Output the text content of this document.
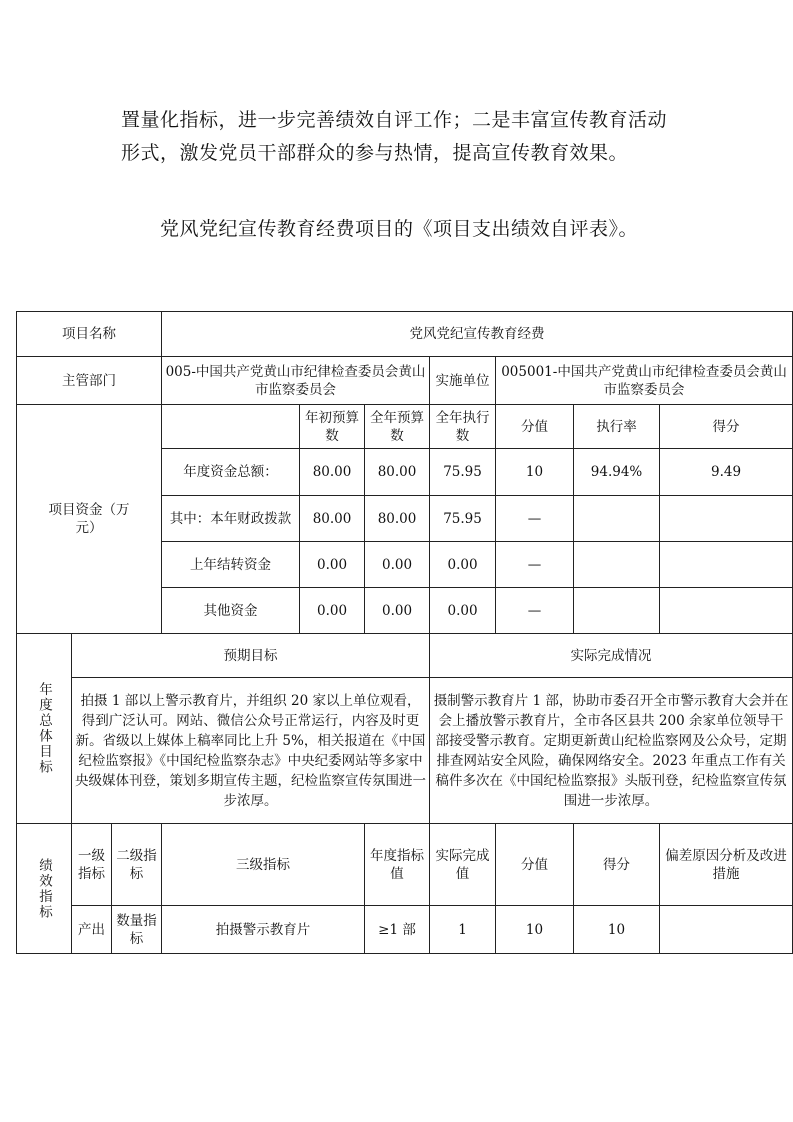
置量化指标，进一步完善绩效自评工作；二是丰富宣传教育活动形式，激发党员干部群众的参与热情，提高宣传教育效果。

党风党纪宣传教育经费项目的《项目支出绩效自评表》。

项目名称			党风党纪宣传教育经费						
主管部门			005-中国共产党黄山市纪律检查委员会黄山市监察委员会			实施单位	005001-中国共产党黄山市纪律检查委员会黄山市监察委员会		
项目资金（万元）				年初预算数	全年预算数	全年执行数	分值	执行率	得分
			年度资金总额：	80.00	80.00	75.95	10	94.94%	9.49
			其中：本年财政拨款	80.00	80.00	75.95	—		
			上年结转资金	0.00	0.00	0.00	—		
			其他资金	0.00	0.00	0.00	—		
年度总体目标	预期目标					实际完成情况			
	拍摄 1 部以上警示教育片，并组织 20 家以上单位观看，得到广泛认可。网站、微信公众号正常运行，内容及时更新。省级以上媒体上稿率同比上升 5%，相关报道在《中国纪检监察报》《中国纪检监察杂志》中央纪委网站等多家中央级媒体刊登，策划多期宣传主题，纪检监察宣传氛围进一步浓厚。					摄制警示教育片 1 部，协助市委召开全市警示教育大会并在会上播放警示教育片，全市各区县共 200 余家单位领导干部接受警示教育。定期更新黄山纪检监察网及公众号，定期排查网站安全风险，确保网络安全。2023 年重点工作有关稿件多次在《中国纪检监察报》头版刊登，纪检监察宣传氛围进一步浓厚。			
绩效指标	一级指标	二级指标	三级指标		年度指标值	实际完成值	分值	得分	偏差原因分析及改进措施
	产出	数量指标	拍摄警示教育片		≥1 部	1	10	10	
